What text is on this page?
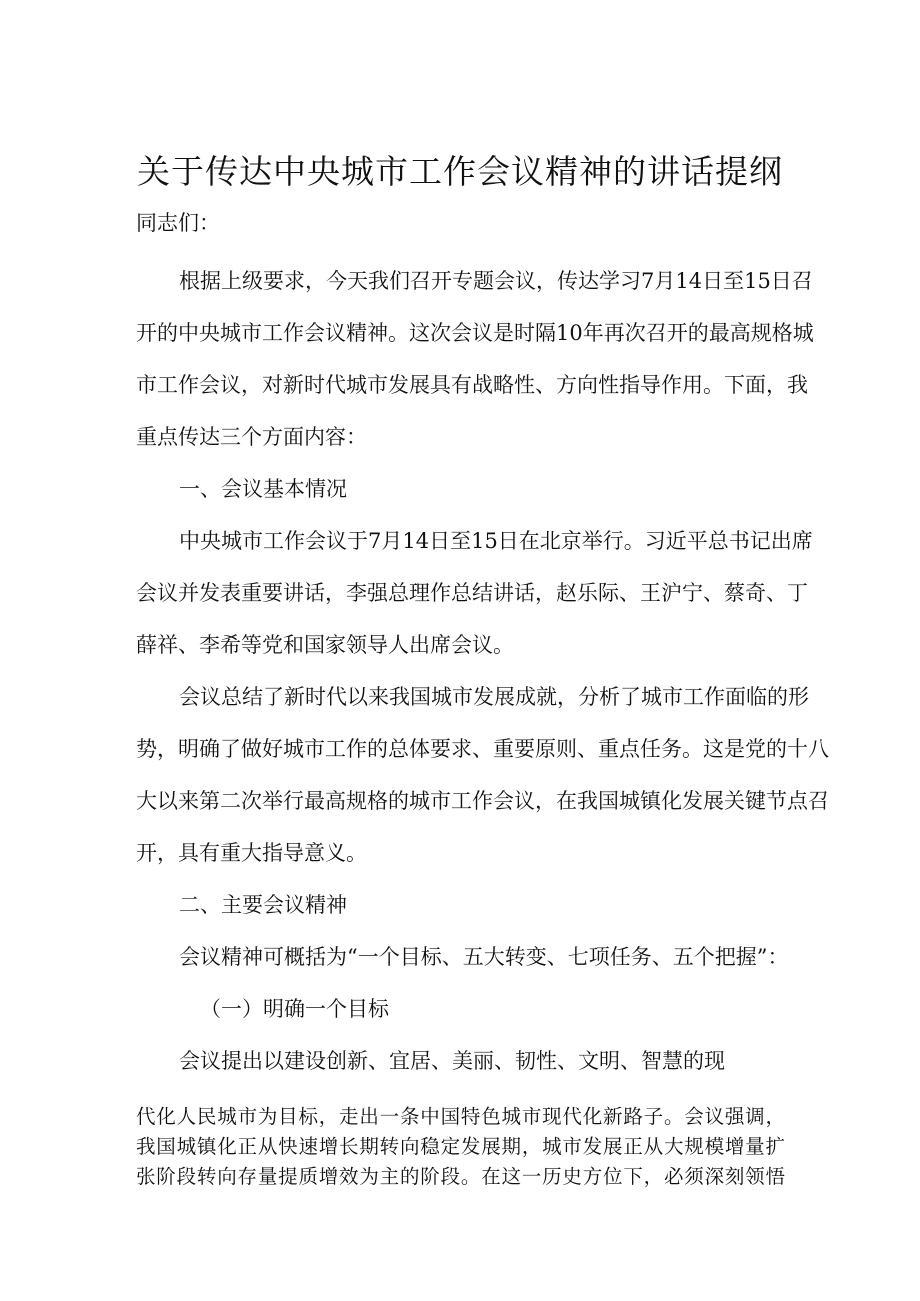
关于传达中央城市工作会议精神的讲话提纲
同志们：
根据上级要求，今天我们召开专题会议，传达学习7月14日至15日召
开的中央城市工作会议精神。这次会议是时隔10年再次召开的最高规格城
市工作会议，对新时代城市发展具有战略性、方向性指导作用。下面，我
重点传达三个方面内容：
一、会议基本情况
中央城市工作会议于7月14日至15日在北京举行。习近平总书记出席
会议并发表重要讲话，李强总理作总结讲话，赵乐际、王沪宁、蔡奇、丁
薛祥、李希等党和国家领导人出席会议。
会议总结了新时代以来我国城市发展成就，分析了城市工作面临的形
势，明确了做好城市工作的总体要求、重要原则、重点任务。这是党的十八
大以来第二次举行最高规格的城市工作会议，在我国城镇化发展关键节点召
开，具有重大指导意义。
二、主要会议精神
会议精神可概括为“一个目标、五大转变、七项任务、五个把握”：
（一）明确一个目标
会议提出以建设创新、宜居、美丽、韧性、文明、智慧的现
代化人民城市为目标，走出一条中国特色城市现代化新路子。会议强调，
我国城镇化正从快速增长期转向稳定发展期，城市发展正从大规模增量扩
张阶段转向存量提质增效为主的阶段。在这一历史方位下，必须深刻领悟
